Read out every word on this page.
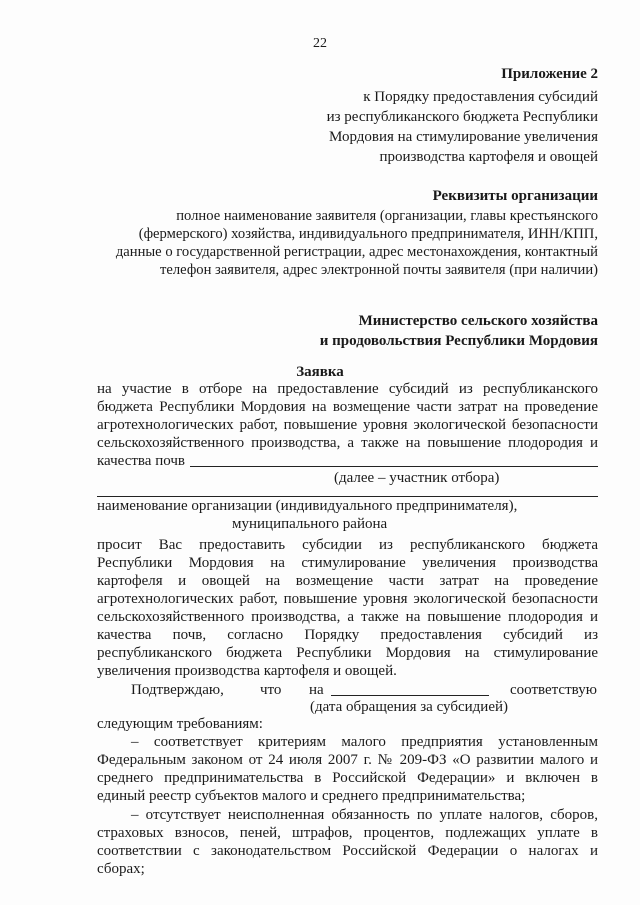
22
Приложение 2
к Порядку предоставления субсидий
из республиканского бюджета Республики
Мордовия на стимулирование увеличения
производства картофеля и овощей
Реквизиты организации
полное наименование заявителя (организации, главы крестьянского
(фермерского) хозяйства, индивидуального предпринимателя, ИНН/КПП,
данные о государственной регистрации, адрес местонахождения, контактный
телефон заявителя, адрес электронной почты заявителя (при наличии)
Министерство сельского хозяйства
и продовольствия Республики Мордовия
Заявка
на участие в отборе на предоставление субсидий из республиканского
бюджета Республики Мордовия на возмещение части затрат на проведение
агротехнологических работ, повышение уровня экологической безопасности
сельскохозяйственного производства, а также на повышение плодородия и
качества почв
(далее – участник отбора)
наименование организации (индивидуального предпринимателя),
муниципального района
просит Вас предоставить субсидии из республиканского бюджета
Республики Мордовия на стимулирование увеличения производства
картофеля и овощей на возмещение части затрат на проведение
агротехнологических работ, повышение уровня экологической безопасности
сельскохозяйственного производства, а также на повышение плодородия и
качества почв, согласно Порядку предоставления субсидий из
республиканского бюджета Республики Мордовия на стимулирование
увеличения производства картофеля и овощей.
Подтверждаю, что на	соответствую
(дата обращения за субсидией)
следующим требованиям:
– соответствует критериям малого предприятия установленным
Федеральным законом от 24 июля 2007 г. № 209-ФЗ «О развитии малого и
среднего предпринимательства в Российской Федерации» и включен в
единый реестр субъектов малого и среднего предпринимательства;
– отсутствует неисполненная обязанность по уплате налогов, сборов,
страховых взносов, пеней, штрафов, процентов, подлежащих уплате в
соответствии с законодательством Российской Федерации о налогах и
сборах;
